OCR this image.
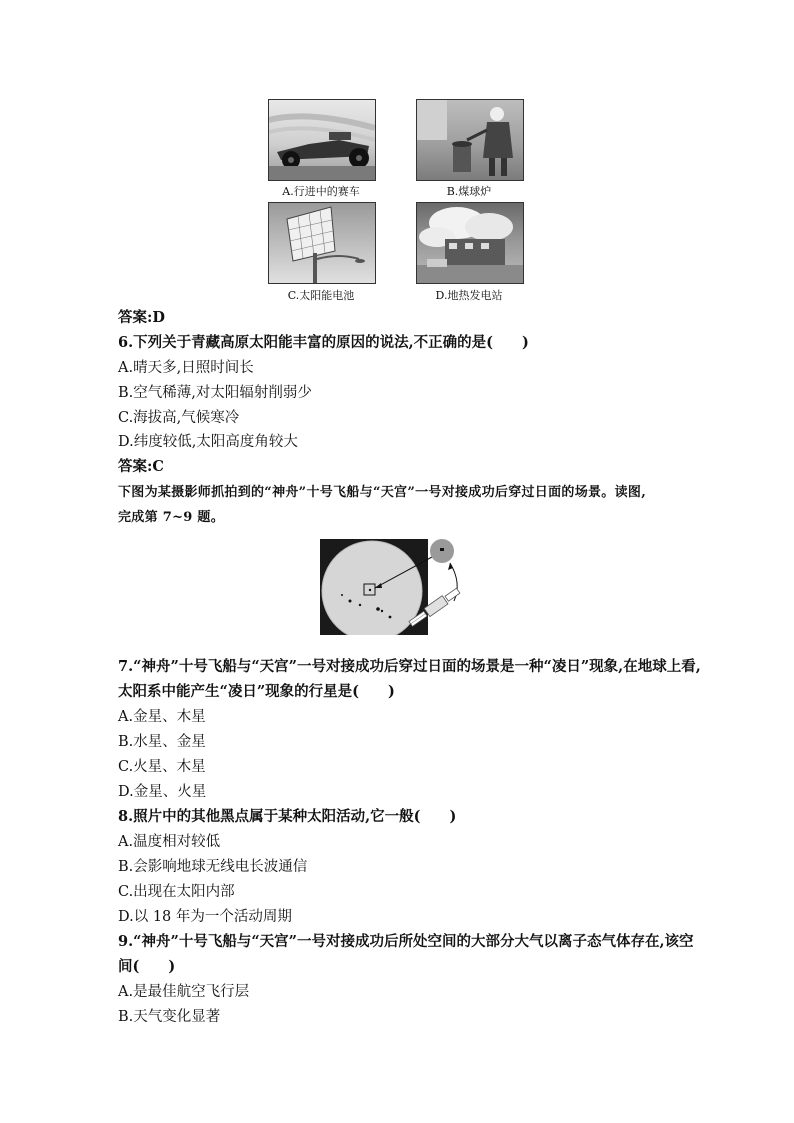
A.行进中的赛车	B.煤球炉
C.太阳能电池	D.地热发电站
答案:D
6.下列关于青藏高原太阳能丰富的原因的说法,不正确的是(　　)
A.晴天多,日照时间长
B.空气稀薄,对太阳辐射削弱少
C.海拔高,气候寒冷
D.纬度较低,太阳高度角较大
答案:C
下图为某摄影师抓拍到的“神舟”十号飞船与“天宫”一号对接成功后穿过日面的场景。读图,
完成第 7~9 题。
7.“神舟”十号飞船与“天宫”一号对接成功后穿过日面的场景是一种“凌日”现象,在地球上看,
太阳系中能产生“凌日”现象的行星是(　　)
A.金星、木星
B.水星、金星
C.火星、木星
D.金星、火星
8.照片中的其他黑点属于某种太阳活动,它一般(　　)
A.温度相对较低
B.会影响地球无线电长波通信
C.出现在太阳内部
D.以 18 年为一个活动周期
9.“神舟”十号飞船与“天宫”一号对接成功后所处空间的大部分大气以离子态气体存在,该空
间(　　)
A.是最佳航空飞行层
B.天气变化显著
